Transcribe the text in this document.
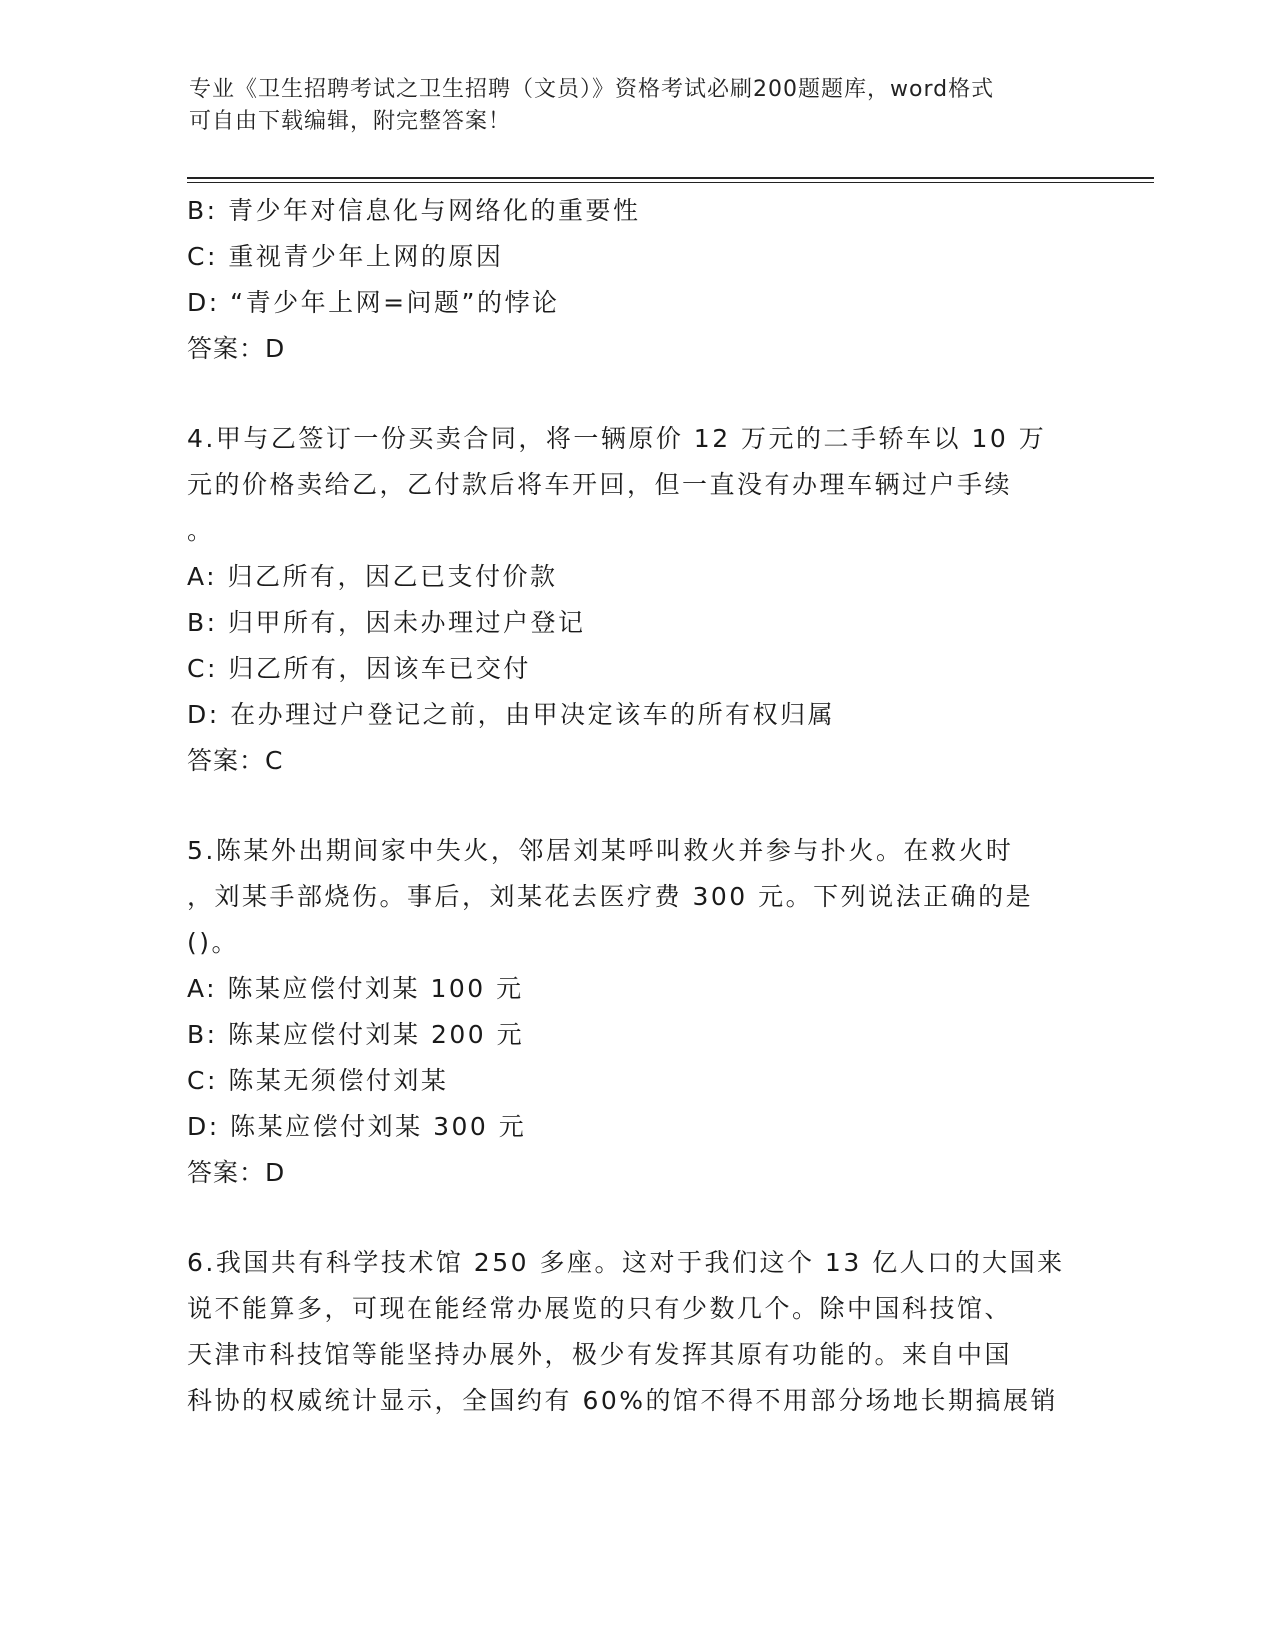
专业《卫生招聘考试之卫生招聘（文员）》资格考试必刷200题题库，word格式
可自由下载编辑，附完整答案！
B: 青少年对信息化与网络化的重要性
C: 重视青少年上网的原因
D: “青少年上网=问题”的悖论
答案：D
4.甲与乙签订一份买卖合同，将一辆原价 12 万元的二手轿车以 10 万
元的价格卖给乙，乙付款后将车开回，但一直没有办理车辆过户手续
。
A: 归乙所有，因乙已支付价款
B: 归甲所有，因未办理过户登记
C: 归乙所有，因该车已交付
D: 在办理过户登记之前，由甲决定该车的所有权归属
答案：C
5.陈某外出期间家中失火，邻居刘某呼叫救火并参与扑火。在救火时
，刘某手部烧伤。事后，刘某花去医疗费 300 元。下列说法正确的是
()。
A: 陈某应偿付刘某 100 元
B: 陈某应偿付刘某 200 元
C: 陈某无须偿付刘某
D: 陈某应偿付刘某 300 元
答案：D
6.我国共有科学技术馆 250 多座。这对于我们这个 13 亿人口的大国来
说不能算多，可现在能经常办展览的只有少数几个。除中国科技馆、
天津市科技馆等能坚持办展外，极少有发挥其原有功能的。来自中国
科协的权威统计显示，全国约有 60%的馆不得不用部分场地长期搞展销
